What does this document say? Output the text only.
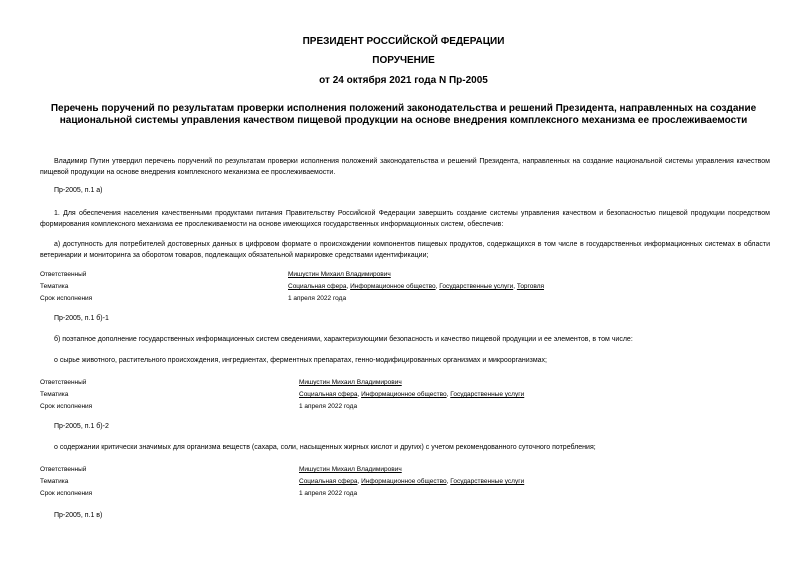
ПРЕЗИДЕНТ РОССИЙСКОЙ ФЕДЕРАЦИИ
ПОРУЧЕНИЕ
от 24 октября 2021 года N Пр-2005
Перечень поручений по результатам проверки исполнения положений законодательства и решений Президента, направленных на создание национальной системы управления качеством пищевой продукции на основе внедрения комплексного механизма ее прослеживаемости
Владимир Путин утвердил перечень поручений по результатам проверки исполнения положений законодательства и решений Президента, направленных на создание национальной системы управления качеством пищевой продукции на основе внедрения комплексного механизма ее прослеживаемости.
Пр-2005, п.1 а)
1. Для обеспечения населения качественными продуктами питания Правительству Российской Федерации завершить создание системы управления качеством и безопасностью пищевой продукции посредством формирования комплексного механизма ее прослеживаемости на основе имеющихся государственных информационных систем, обеспечив:
а) доступность для потребителей достоверных данных в цифровом формате о происхождении компонентов пищевых продуктов, содержащихся в том числе в государственных информационных системах в области ветеринарии и мониторинга за оборотом товаров, подлежащих обязательной маркировке средствами идентификации;
Ответственный	Мишустин Михаил Владимирович
Тематика	Социальная сфера, Информационное общество, Государственные услуги, Торговля
Срок исполнения	1 апреля 2022 года
Пр-2005, п.1 б)-1
б) поэтапное дополнение государственных информационных систем сведениями, характеризующими безопасность и качество пищевой продукции и ее элементов, в том числе:
о сырье животного, растительного происхождения, ингредиентах, ферментных препаратах, генно-модифицированных организмах и микроорганизмах;
Ответственный	Мишустин Михаил Владимирович
Тематика	Социальная сфера, Информационное общество, Государственные услуги
Срок исполнения	1 апреля 2022 года
Пр-2005, п.1 б)-2
о содержании критически значимых для организма веществ (сахара, соли, насыщенных жирных кислот и других) с учетом рекомендованного суточного потребления;
Ответственный	Мишустин Михаил Владимирович
Тематика	Социальная сфера, Информационное общество, Государственные услуги
Срок исполнения	1 апреля 2022 года
Пр-2005, п.1 в)
